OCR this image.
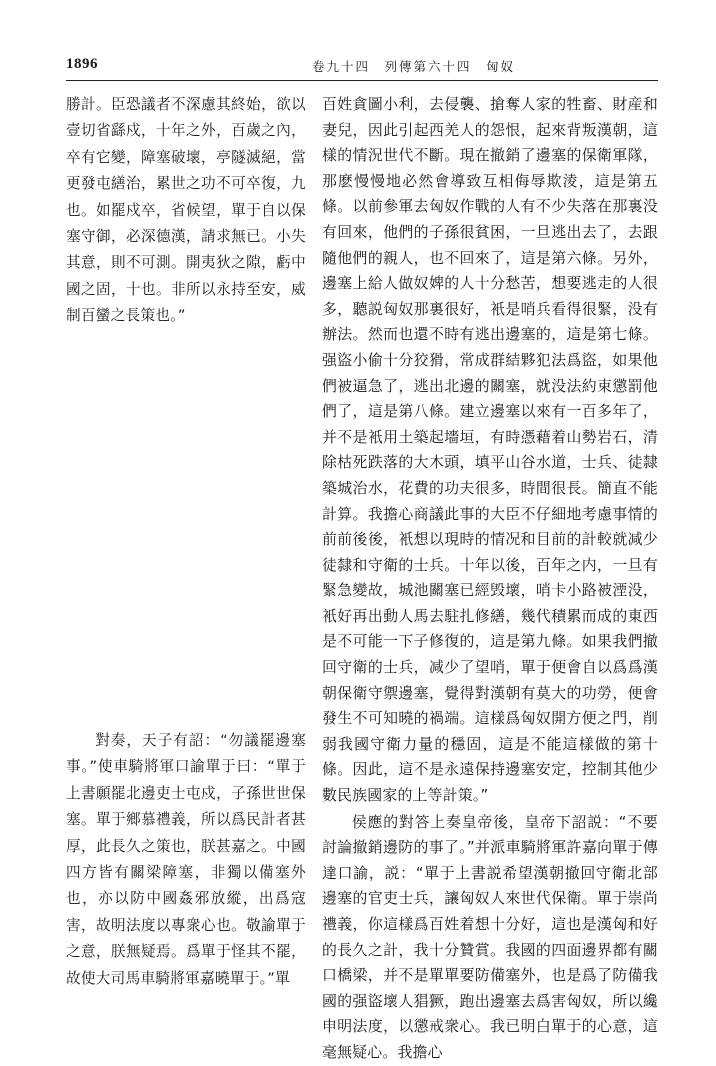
1896	卷九十四　列傳第六十四　匈奴

勝計。臣恐議者不深慮其終始，欲以壹切省繇戍，十年之外，百歲之內，卒有它變，障塞破壞，亭隧滅絕，當更發屯繕治，累世之功不可卒復，九也。如罷戍卒，省候望，單于自以保塞守御，必深德漢，請求無已。小失其意，則不可測。開夷狄之隙，虧中國之固，十也。非所以永持至安，威制百蠻之長策也。”

對奏，天子有詔：“勿議罷邊塞事。”使車騎將軍口諭單于曰：“單于上書願罷北邊吏士屯戍，子孫世世保塞。單于鄉慕禮義，所以爲民計者甚厚，此長久之策也，朕甚嘉之。中國四方皆有關梁障塞，非獨以備塞外也，亦以防中國姦邪放縱，出爲寇害，故明法度以專衆心也。敬諭單于之意，朕無疑焉。爲單于怪其不罷，故使大司馬車騎將軍嘉曉單于。”單

百姓貪圖小利，去侵襲、搶奪人家的牲畜、財産和妻兒，因此引起西羌人的怨恨，起來背叛漢朝，這樣的情況世代不斷。現在撤銷了邊塞的保衛軍隊，那麽慢慢地必然會導致互相侮辱欺淩，這是第五條。以前參軍去匈奴作戰的人有不少失落在那裏没有回來，他們的子孫很貧困，一旦逃出去了，去跟隨他們的親人，也不回來了，這是第六條。另外，邊塞上給人做奴婢的人十分愁苦，想要逃走的人很多，聽説匈奴那裏很好，衹是哨兵看得很緊，没有辦法。然而也還不時有逃出邊塞的，這是第七條。强盜小偷十分狡猾，常成群結夥犯法爲盜，如果他們被逼急了，逃出北邊的關塞，就没法約束懲罰他們了，這是第八條。建立邊塞以來有一百多年了，并不是衹用土築起墻垣，有時憑藉着山勢岩石，清除枯死跌落的大木頭，填平山谷水道，士兵、徒隸築城治水，花費的功夫很多，時間很長。簡直不能計算。我擔心商議此事的大臣不仔細地考慮事情的前前後後，衹想以現時的情况和目前的計較就减少徒隸和守衛的士兵。十年以後，百年之内，一旦有緊急變故，城池關塞已經毁壞，哨卡小路被湮没，衹好再出動人馬去駐扎修繕，幾代積累而成的東西是不可能一下子修復的，這是第九條。如果我們撤回守衛的士兵，减少了望哨，單于便會自以爲爲漢朝保衛守禦邊塞，覺得對漢朝有莫大的功勞，便會發生不可知曉的禍端。這樣爲匈奴開方便之門，削弱我國守衛力量的穩固，這是不能這樣做的第十條。因此，這不是永遠保持邊塞安定，控制其他少數民族國家的上等計策。”

侯應的對答上奏皇帝後，皇帝下詔説：“不要討論撤銷邊防的事了。”并派車騎將軍許嘉向單于傳達口諭，説：“單于上書説希望漢朝撤回守衛北部邊塞的官吏士兵，讓匈奴人來世代保衛。單于崇尚禮義，你這樣爲百姓着想十分好，這也是漢匈和好的長久之計，我十分贊賞。我國的四面邊界都有關口橋梁，并不是單單要防備塞外，也是爲了防備我國的强盜壞人猖獗，跑出邊塞去爲害匈奴，所以纔申明法度，以懲戒衆心。我已明白單于的心意，這毫無疑心。我擔心
